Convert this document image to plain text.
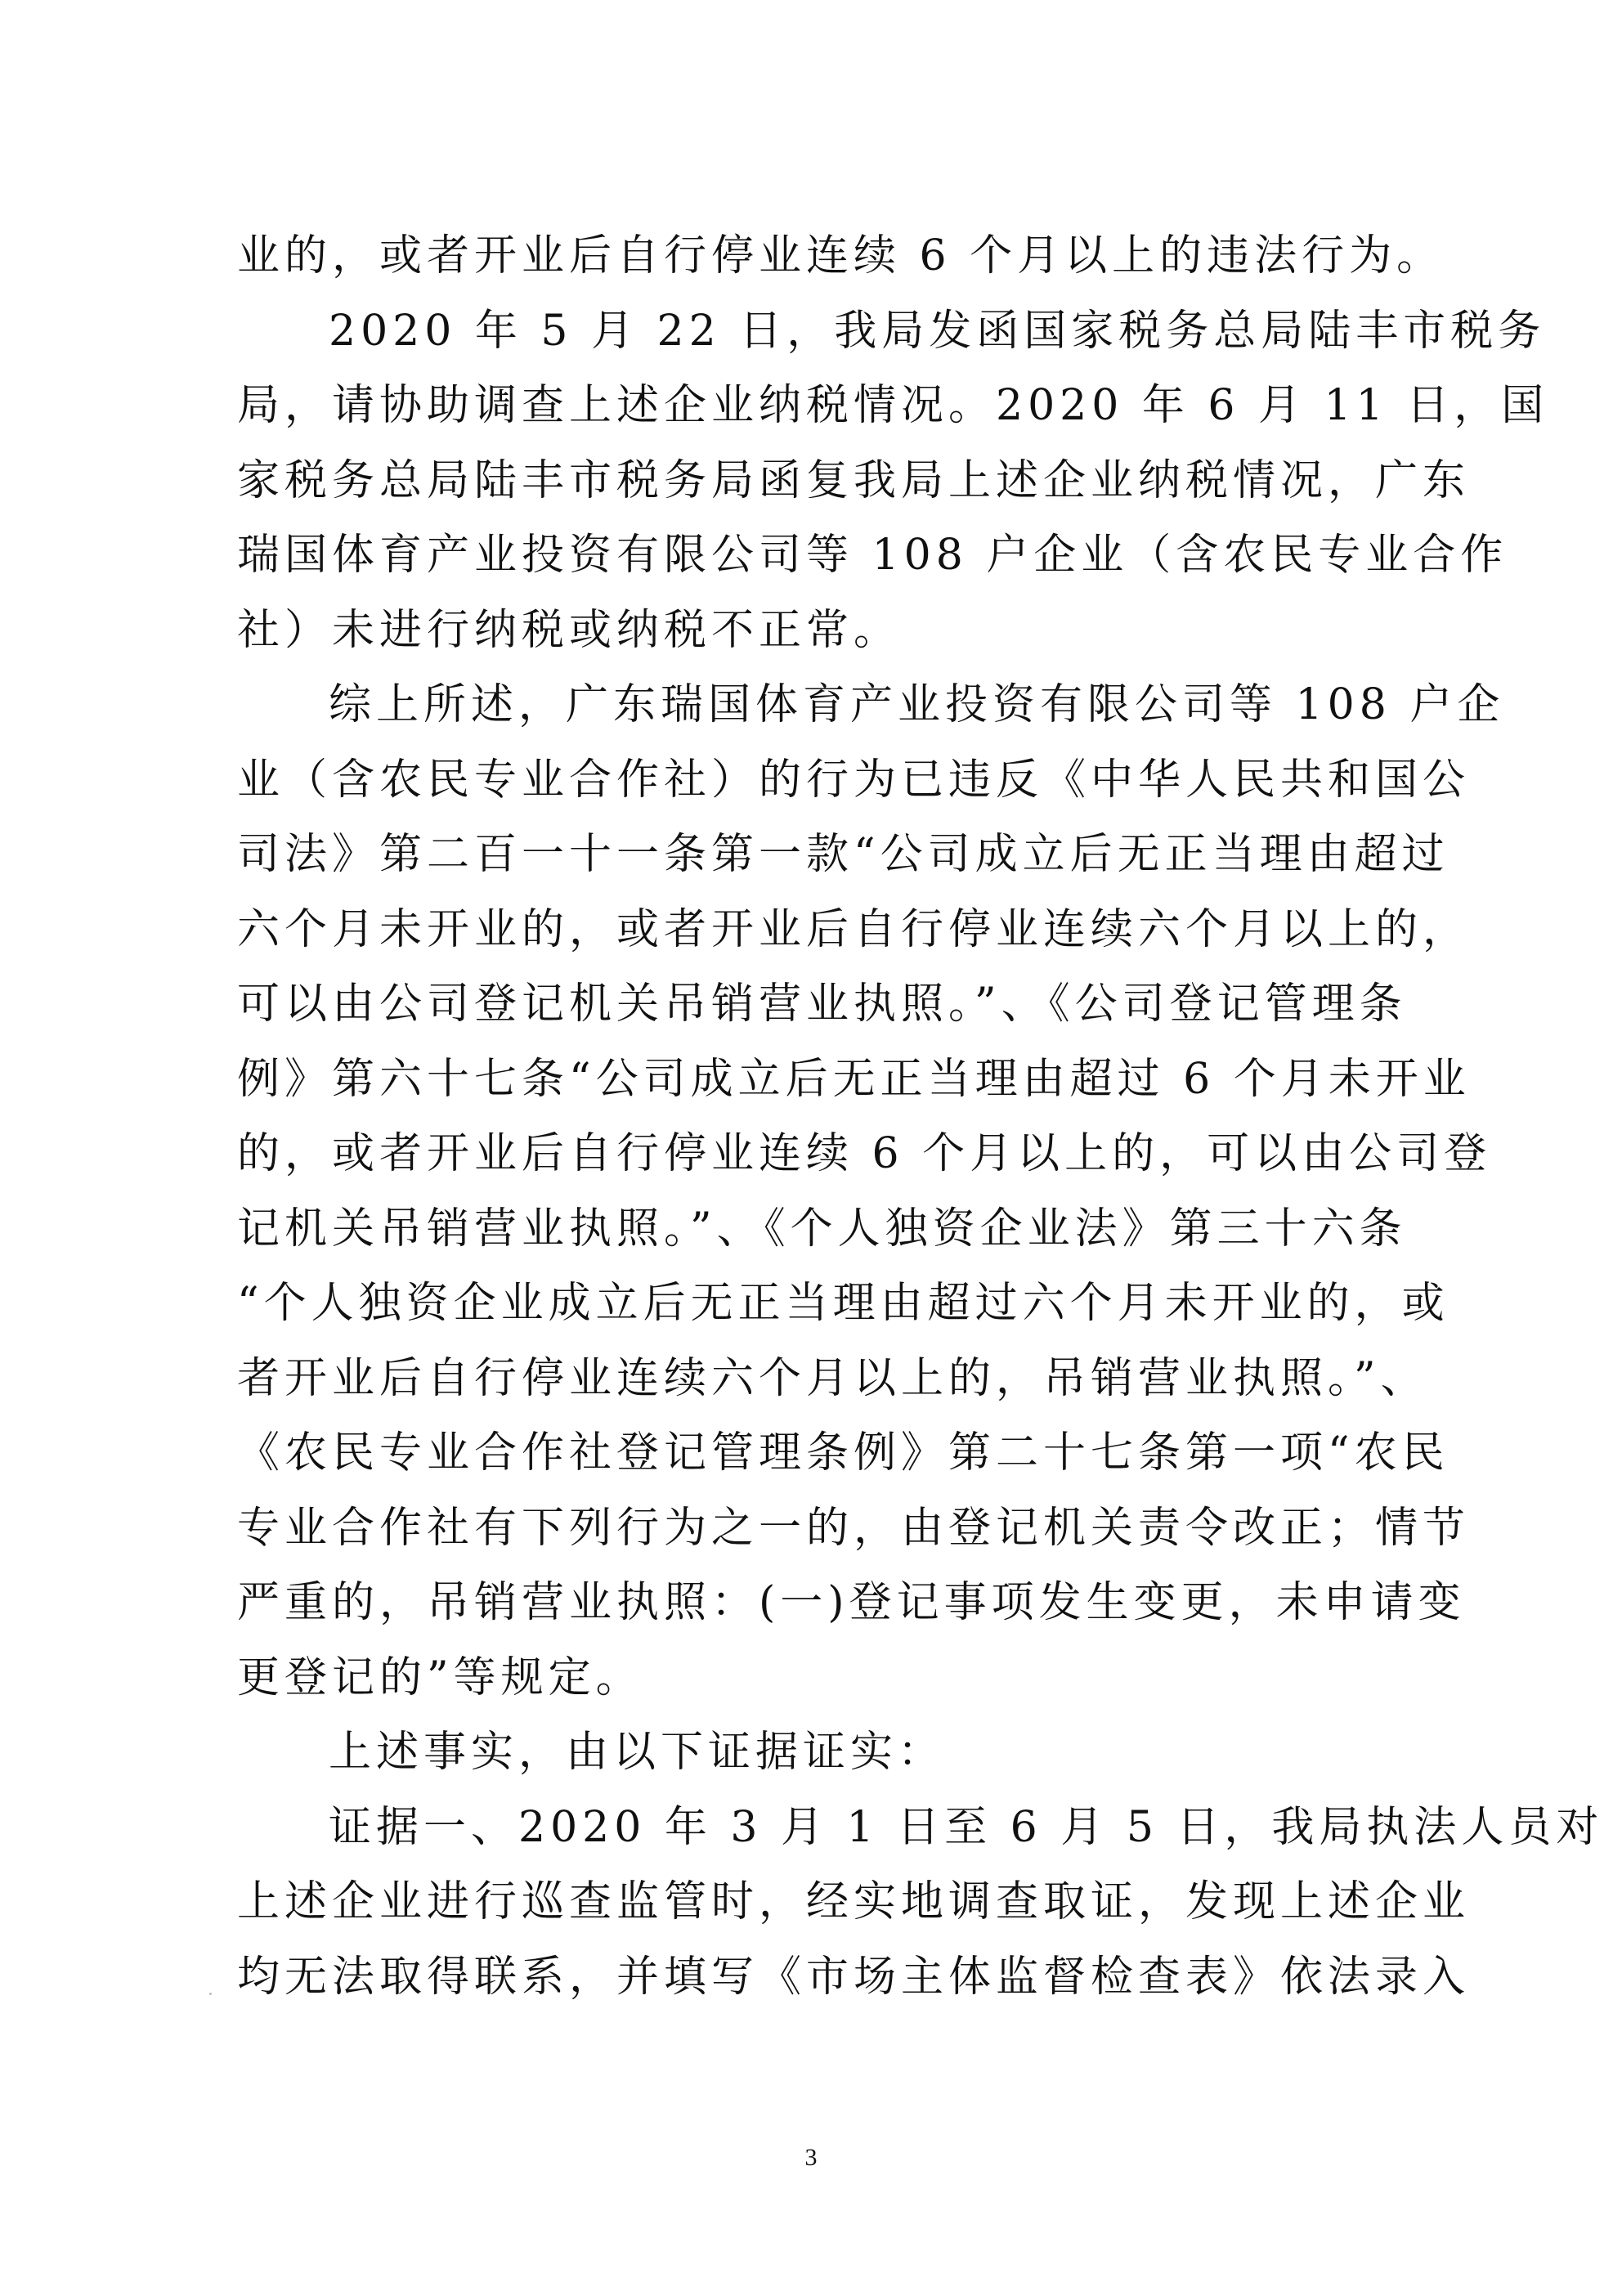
业的，或者开业后自行停业连续 6 个月以上的违法行为。
2020 年 5 月 22 日，我局发函国家税务总局陆丰市税务
局，请协助调查上述企业纳税情况。2020 年 6 月 11 日，国
家税务总局陆丰市税务局函复我局上述企业纳税情况，广东
瑞国体育产业投资有限公司等 108 户企业（含农民专业合作
社）未进行纳税或纳税不正常。
综上所述，广东瑞国体育产业投资有限公司等 108 户企
业（含农民专业合作社）的行为已违反《中华人民共和国公
司法》第二百一十一条第一款“公司成立后无正当理由超过
六个月未开业的，或者开业后自行停业连续六个月以上的，
可以由公司登记机关吊销营业执照。”、《公司登记管理条
例》第六十七条“公司成立后无正当理由超过 6 个月未开业
的，或者开业后自行停业连续 6 个月以上的，可以由公司登
记机关吊销营业执照。”、《个人独资企业法》第三十六条
“个人独资企业成立后无正当理由超过六个月未开业的，或
者开业后自行停业连续六个月以上的，吊销营业执照。”、
《农民专业合作社登记管理条例》第二十七条第一项“农民
专业合作社有下列行为之一的，由登记机关责令改正；情节
严重的，吊销营业执照：(一)登记事项发生变更，未申请变
更登记的”等规定。
上述事实，由以下证据证实：
证据一、2020 年 3 月 1 日至 6 月 5 日，我局执法人员对
上述企业进行巡查监管时，经实地调查取证，发现上述企业
均无法取得联系，并填写《市场主体监督检查表》依法录入
3
